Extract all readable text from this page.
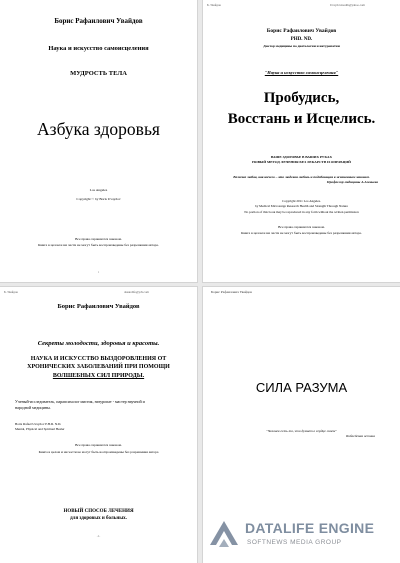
Борис Рафаилович Увайдов
Наука и искусство самоисцеления
МУДРОСТЬ ТЕЛА
Азбука здоровья
Los Angeles
Copyright © by Boris Uvaydov
Все права охраняются законом.
Книга в целом и ни части не могут быть воспроизведены без разрешения автора.
1
Б. Увайдов	Uvaydov.health@yahoo.com
Борис Рафаилович Увайдов
PHD. ND.
Доктор медицины по диетологии и натуропатии
"Наука и искусство самоисцеления"
Пробудись,
Восстань и Исцелись.
ВАШЕ ЗДОРОВЬЕ В ВАШИХ РУКАХ
НОВЫЙ МЕТОД ЛЕЧЕНИЯ БЕЗ ЛЕКАРСТВ И ОПЕРАЦИЙ
Величие любви, как ничего – это людская любовь и подобающая к жизненным законам.
Профессор медицины А.Агеньева
Copyright 2011 Los Angeles.
by Medical Microsurge Research Health and Strength Through Nature
No portion of this book may be reproduced in any form without the written permission
Все права охраняются законом.
Книга в целом и ни части не могут быть воспроизведены без разрешения автора.
Б. Увайдов	dasurelife@ydv.com
Борис Рафаилович Увайдов
Секреты молодости, здоровья и красоты.
НАУКА И ИСКУССТВО ВЫЗДОРОВЛЕНИЯ ОТ
ХРОНИЧЕСКИХ ЗАБОЛЕВАНИЙ ПРИ ПОМОЩИ
ВОЛШЕБНЫХ СИЛ ПРИРОДЫ.
Ученый-исследователь, парапсихолог мистик, натуропат - мастер научной и
народной медицины.
Boris Rafael Uvaydov P.H.D. N.D.
Mental, Physical and Spiritual Healer
Все права охраняются законом.
Книга в целом и ни части не могут быть воспроизведены без разрешения автора
НОВЫЙ СПОСОБ ЛЕЧЕНИЯ
для здоровых и больных.
-2-
Борис Рафаилович Увайдов
СИЛА РАЗУМА
"Человек есть то, что думает в сердце своем"
Библейская истина
DATALIFE ENGINE
SOFTNEWS MEDIA GROUP
